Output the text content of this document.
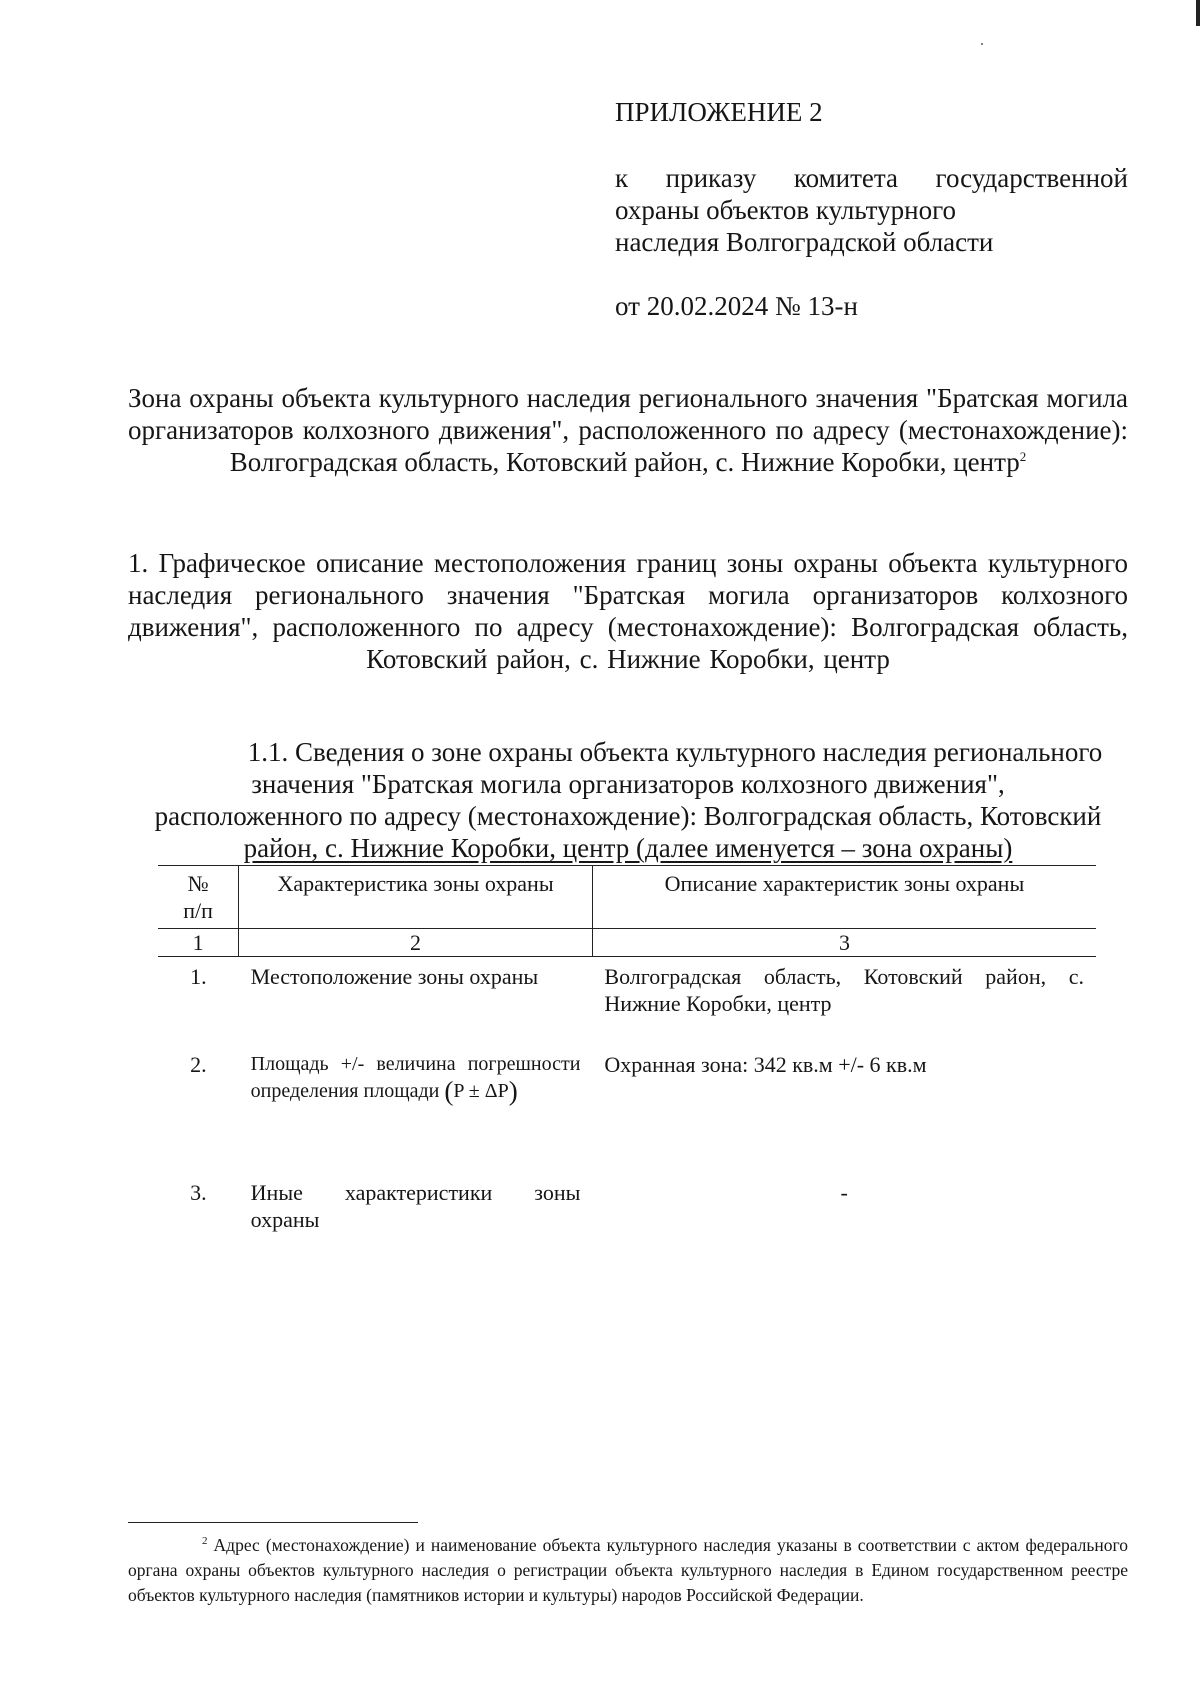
ПРИЛОЖЕНИЕ 2

к приказу комитета государственной
охраны объектов культурного
наследия Волгоградской области

от 20.02.2024 № 13-н

Зона охраны объекта культурного наследия регионального значения "Братская могила организаторов колхозного движения", расположенного по адресу (местонахождение): Волгоградская область, Котовский район, с. Нижние Коробки, центр$^2$
1. Графическое описание местоположения границ зоны охраны объекта культурного наследия регионального значения "Братская могила организаторов колхозного движения", расположенного по адресу (местонахождение): Волгоградская область, Котовский район, с. Нижние Коробки, центр
1.1. Сведения о зоне охраны объекта культурного наследия регионального
значения "Братская могила организаторов колхозного движения",
расположенного по адресу (местонахождение): Волгоградская область, Котовский
район, с. Нижние Коробки, центр (далее именуется – зона охраны)
№
п/п	Характеристика зоны охраны	Описание характеристик зоны охраны
1	2	3
1.	Местоположение зоны охраны	Волгоградская область, Котовский район, с. Нижние Коробки, центр
2.	Площадь +/- величина погрешности определения площади (P ± ΔP)	Охранная зона: 342 кв.м +/- 6 кв.м
3.	Иные характеристики зоны охраны	-
$^2$ Адрес (местонахождение) и наименование объекта культурного наследия указаны в соответствии с актом федерального органа охраны объектов культурного наследия о регистрации объекта культурного наследия в Едином государственном реестре объектов культурного наследия (памятников истории и культуры) народов Российской Федерации.
